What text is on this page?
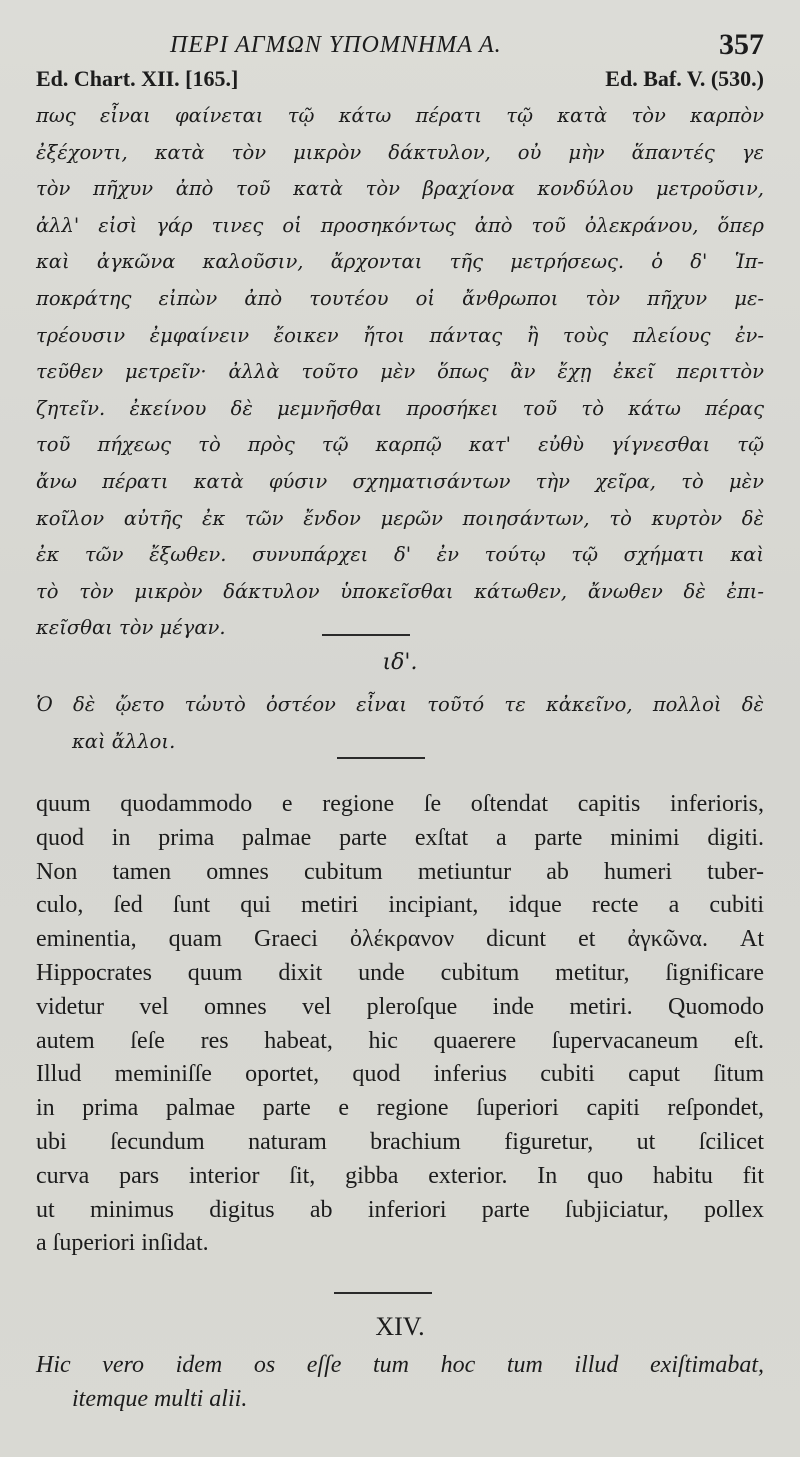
ΠΕΡΙ ΑΓΜΩΝ ΥΠΟΜΝΗΜΑ Α.	357
Ed. Chart. XII. [165.]	Ed. Baf. V. (530.)
πως εἶναι φαίνεται τῷ κάτω πέρατι τῷ κατὰ τὸν καρπὸν
ἐξέχοντι, κατὰ τὸν μικρὸν δάκτυλον, οὐ μὴν ἅπαντές γε
τὸν πῆχυν ἀπὸ τοῦ κατὰ τὸν βραχίονα κονδύλου μετροῦσιν,
ἀλλ' εἰσὶ γάρ τινες οἱ προσηκόντως ἀπὸ τοῦ ὀλεκράνου, ὅπερ
καὶ ἀγκῶνα καλοῦσιν, ἄρχονται τῆς μετρήσεως. ὁ δ' Ἱπ-
ποκράτης εἰπὼν ἀπὸ τουτέου οἱ ἄνθρωποι τὸν πῆχυν με-
τρέουσιν ἐμφαίνειν ἔοικεν ἤτοι πάντας ἢ τοὺς πλείους ἐν-
τεῦθεν μετρεῖν· ἀλλὰ τοῦτο μὲν ὅπως ἂν ἔχῃ ἐκεῖ περιττὸν
ζητεῖν. ἐκείνου δὲ μεμνῆσθαι προσήκει τοῦ τὸ κάτω πέρας
τοῦ πήχεως τὸ πρὸς τῷ καρπῷ κατ' εὐθὺ γίγνεσθαι τῷ
ἄνω πέρατι κατὰ φύσιν σχηματισάντων τὴν χεῖρα, τὸ μὲν
κοῖλον αὐτῆς ἐκ τῶν ἔνδον μερῶν ποιησάντων, τὸ κυρτὸν δὲ
ἐκ τῶν ἔξωθεν. συνυπάρχει δ' ἐν τούτῳ τῷ σχήματι καὶ
τὸ τὸν μικρὸν δάκτυλον ὑποκεῖσθαι κάτωθεν, ἄνωθεν δὲ ἐπι-
κεῖσθαι τὸν μέγαν.
ιδ'.
Ὁ δὲ ᾤετο τὠυτὸ ὀστέον εἶναι τοῦτό τε κἀκεῖνο, πολλοὶ δὲ
καὶ ἄλλοι.
quum quodammodo e regione ſe oſtendat capitis inferioris,
quod in prima palmae parte exſtat a parte minimi digiti.
Non tamen omnes cubitum metiuntur ab humeri tuber-
culo, ſed ſunt qui metiri incipiant, idque recte a cubiti
eminentia, quam Graeci ὀλέκρανον dicunt et ἀγκῶνα. At
Hippocrates quum dixit unde cubitum metitur, ſignificare
videtur vel omnes vel pleroſque inde metiri. Quomodo
autem ſeſe res habeat, hic quaerere ſupervacaneum eſt.
Illud meminiſſe oportet, quod inferius cubiti caput ſitum
in prima palmae parte e regione ſuperiori capiti reſpondet,
ubi ſecundum naturam brachium figuretur, ut ſcilicet
curva pars interior ſit, gibba exterior. In quo habitu fit
ut minimus digitus ab inferiori parte ſubjiciatur, pollex
a ſuperiori inſidat.
XIV.
Hic vero idem os eſſe tum hoc tum illud exiſtimabat,
itemque multi alii.
